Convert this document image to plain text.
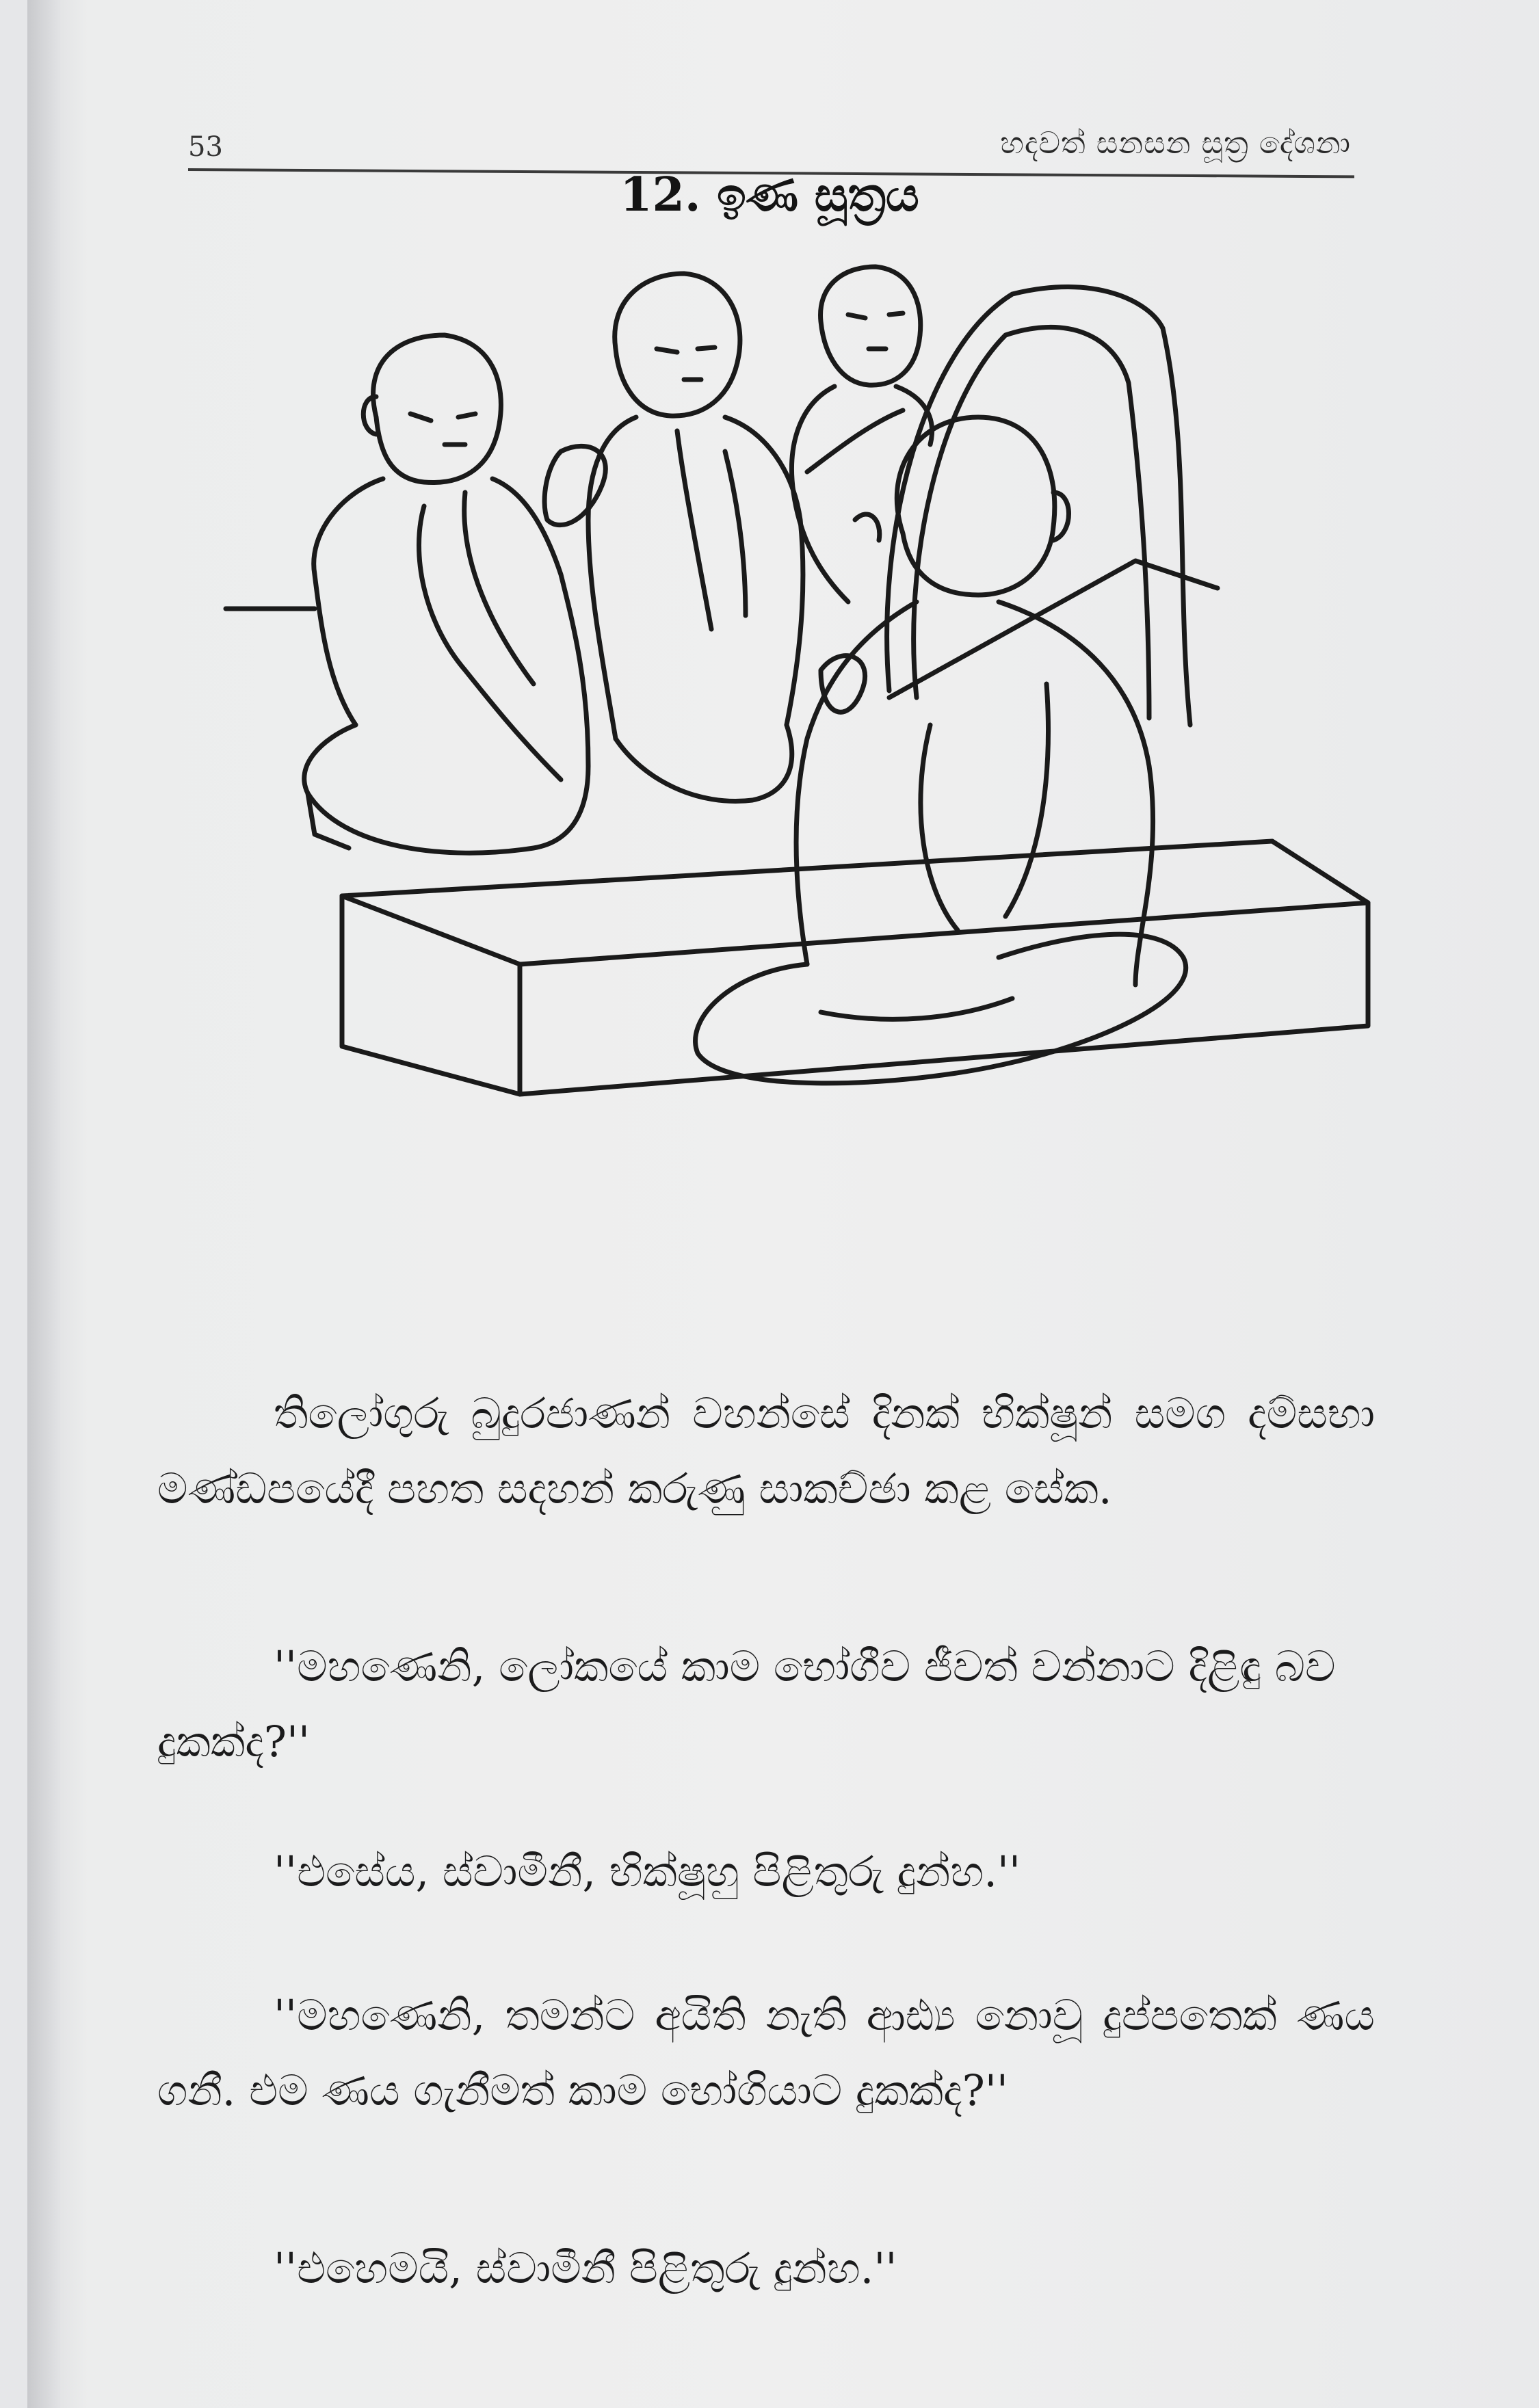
53	හදවත් සනසන සූත්‍ර දේශනා
12. ඉණ සූත්‍රය

තිලෝගුරු බුදුරජාණන් වහන්සේ දිනක් භික්ෂූන් සමග දම්සභා මණ්ඩපයේදී පහත සදහන් කරුණු සාකච්ඡා කළ සේක.

''මහණෙනි, ලෝකයේ කාම භෝගීව ජීවත් වන්නාට දිළිඳු බව දුකක්ද?''

''එසේය, ස්වාමීනී, භික්ෂූහු පිළිතුරු දුන්හ.''

''මහණෙනි, තමන්ට අයිති නැති ආඪ්‍ය නොවූ දුප්පතෙක් ණය ගනී. එම ණය ගැනීමත් කාම භෝගියාට දුකක්ද?''

''එහෙමයි, ස්වාමීනී පිළිතුරු දුන්හ.''
